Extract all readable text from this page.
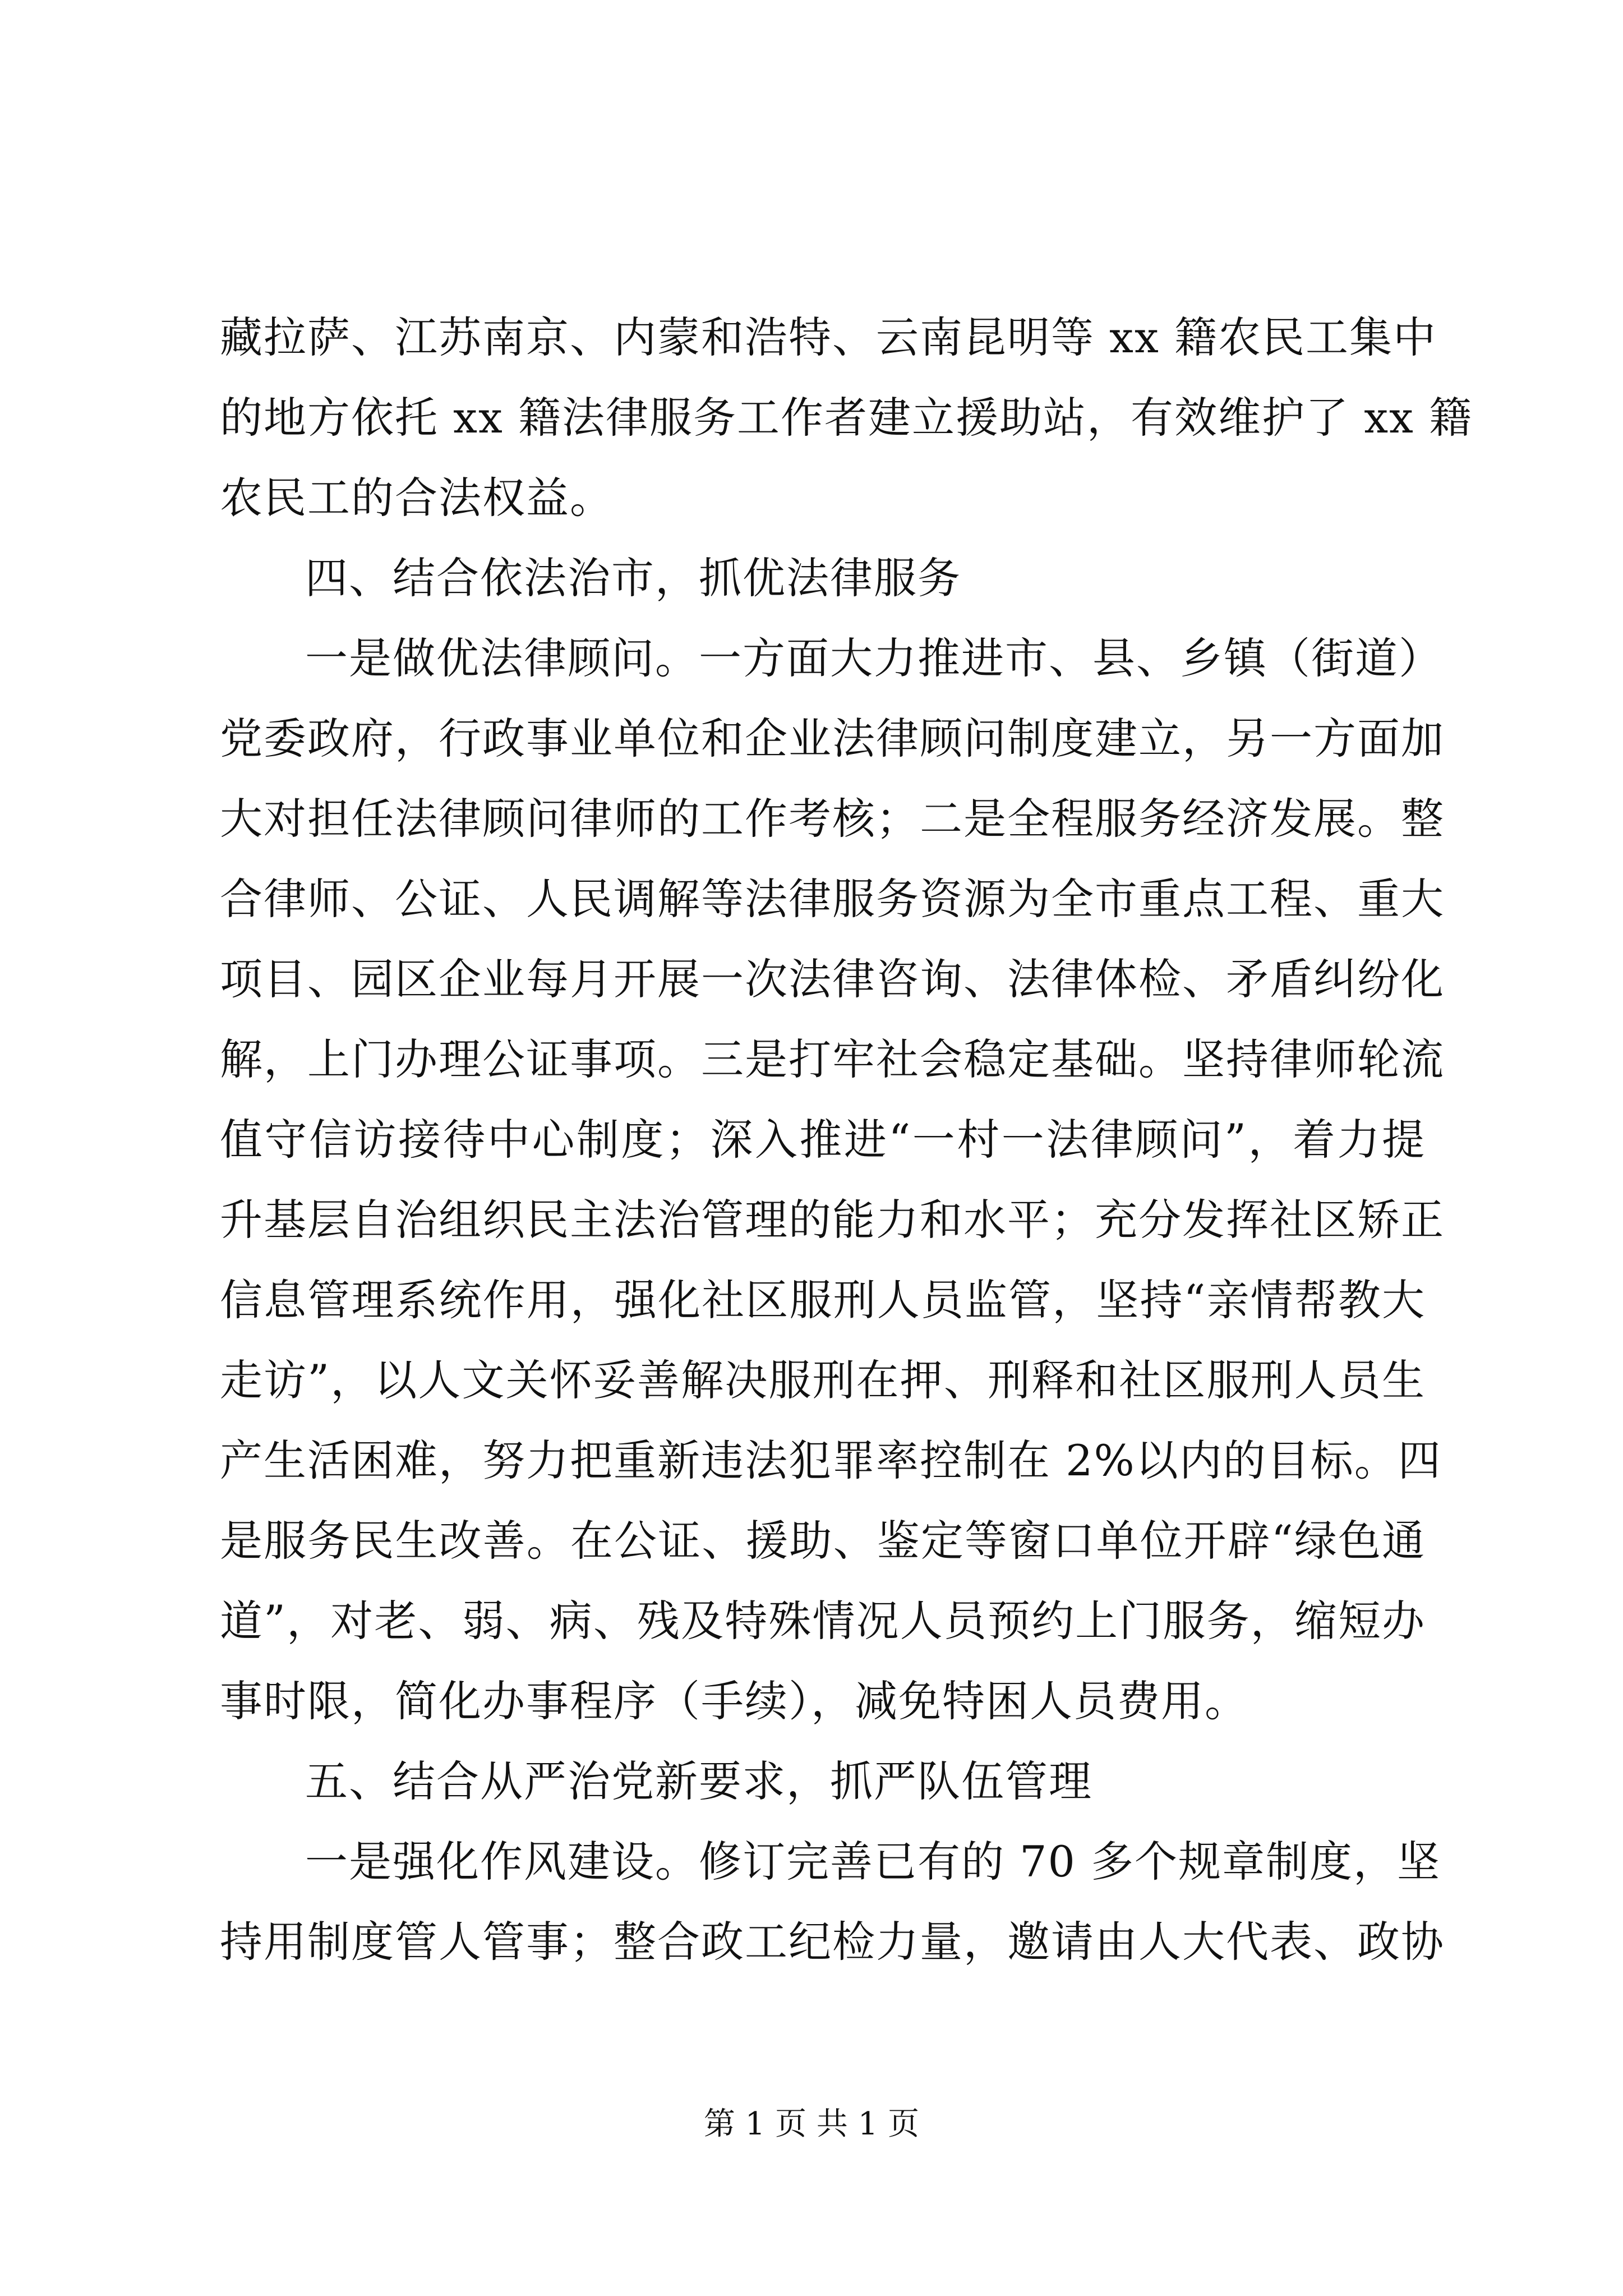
藏拉萨、江苏南京、内蒙和浩特、云南昆明等 xx 籍农民工集中
的地方依托 xx 籍法律服务工作者建立援助站，有效维护了 xx 籍
农民工的合法权益。
四、结合依法治市，抓优法律服务
一是做优法律顾问。一方面大力推进市、县、乡镇（街道）
党委政府，行政事业单位和企业法律顾问制度建立，另一方面加
大对担任法律顾问律师的工作考核；二是全程服务经济发展。整
合律师、公证、人民调解等法律服务资源为全市重点工程、重大
项目、园区企业每月开展一次法律咨询、法律体检、矛盾纠纷化
解，上门办理公证事项。三是打牢社会稳定基础。坚持律师轮流
值守信访接待中心制度；深入推进“一村一法律顾问”，着力提
升基层自治组织民主法治管理的能力和水平；充分发挥社区矫正
信息管理系统作用，强化社区服刑人员监管，坚持“亲情帮教大
走访”，以人文关怀妥善解决服刑在押、刑释和社区服刑人员生
产生活困难，努力把重新违法犯罪率控制在 2%以内的目标。四
是服务民生改善。在公证、援助、鉴定等窗口单位开辟“绿色通
道”，对老、弱、病、残及特殊情况人员预约上门服务，缩短办
事时限，简化办事程序（手续），减免特困人员费用。
五、结合从严治党新要求，抓严队伍管理
一是强化作风建设。修订完善已有的 70 多个规章制度，坚
持用制度管人管事；整合政工纪检力量，邀请由人大代表、政协
第 1 页 共 1 页
